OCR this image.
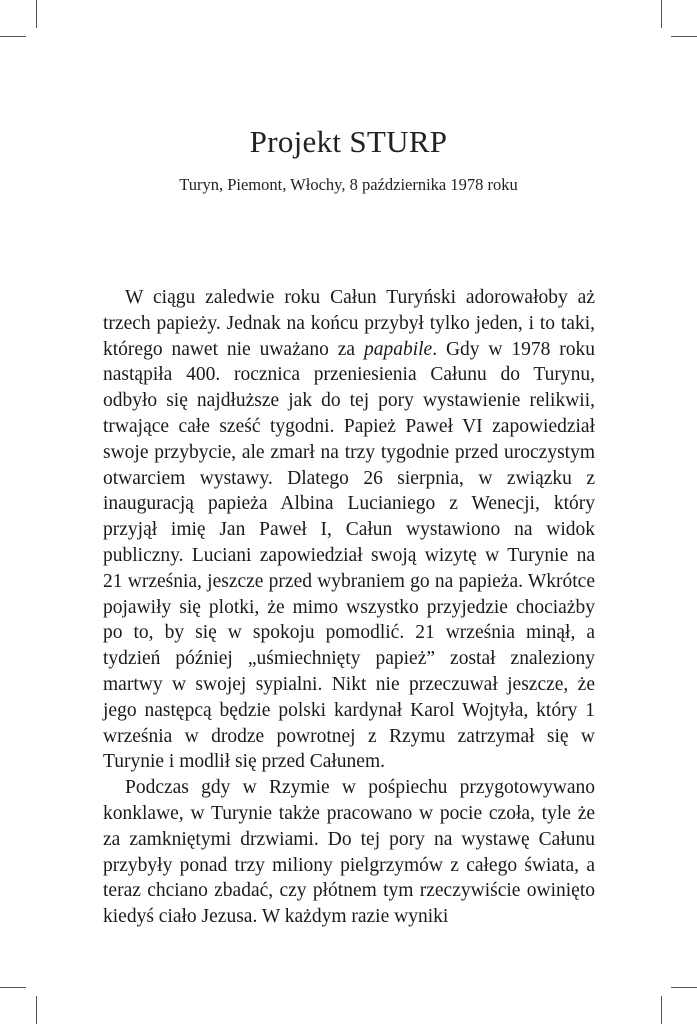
Projekt STURP

Turyn, Piemont, Włochy, 8 października 1978 roku

W ciągu zaledwie roku Całun Turyński adorowałoby aż trzech papieży. Jednak na końcu przybył tylko jeden, i to taki, którego nawet nie uważano za papabile. Gdy w 1978 roku nastąpiła 400. rocznica przeniesienia Całunu do Turynu, odbyło się najdłuższe jak do tej pory wystawienie relikwii, trwające całe sześć tygodni. Papież Paweł VI zapowiedział swoje przybycie, ale zmarł na trzy tygodnie przed uroczystym otwarciem wystawy. Dlatego 26 sierpnia, w związku z inauguracją papieża Albina Lucianiego z Wenecji, który przyjął imię Jan Paweł I, Całun wystawiono na widok publiczny. Luciani zapowiedział swoją wizytę w Turynie na 21 września, jeszcze przed wybraniem go na papieża. Wkrótce pojawiły się plotki, że mimo wszystko przyjedzie chociażby po to, by się w spokoju pomodlić. 21 września minął, a tydzień później „uśmiechnięty papież” został znaleziony martwy w swojej sypialni. Nikt nie przeczuwał jeszcze, że jego następcą będzie polski kardynał Karol Wojtyła, który 1 września w drodze powrotnej z Rzymu zatrzymał się w Turynie i modlił się przed Całunem.

Podczas gdy w Rzymie w pośpiechu przygotowywano konklawe, w Turynie także pracowano w pocie czoła, tyle że za zamkniętymi drzwiami. Do tej pory na wystawę Całunu przybyły ponad trzy miliony pielgrzymów z całego świata, a teraz chciano zbadać, czy płótnem tym rzeczywiście owinięto kiedyś ciało Jezusa. W każdym razie wyniki
